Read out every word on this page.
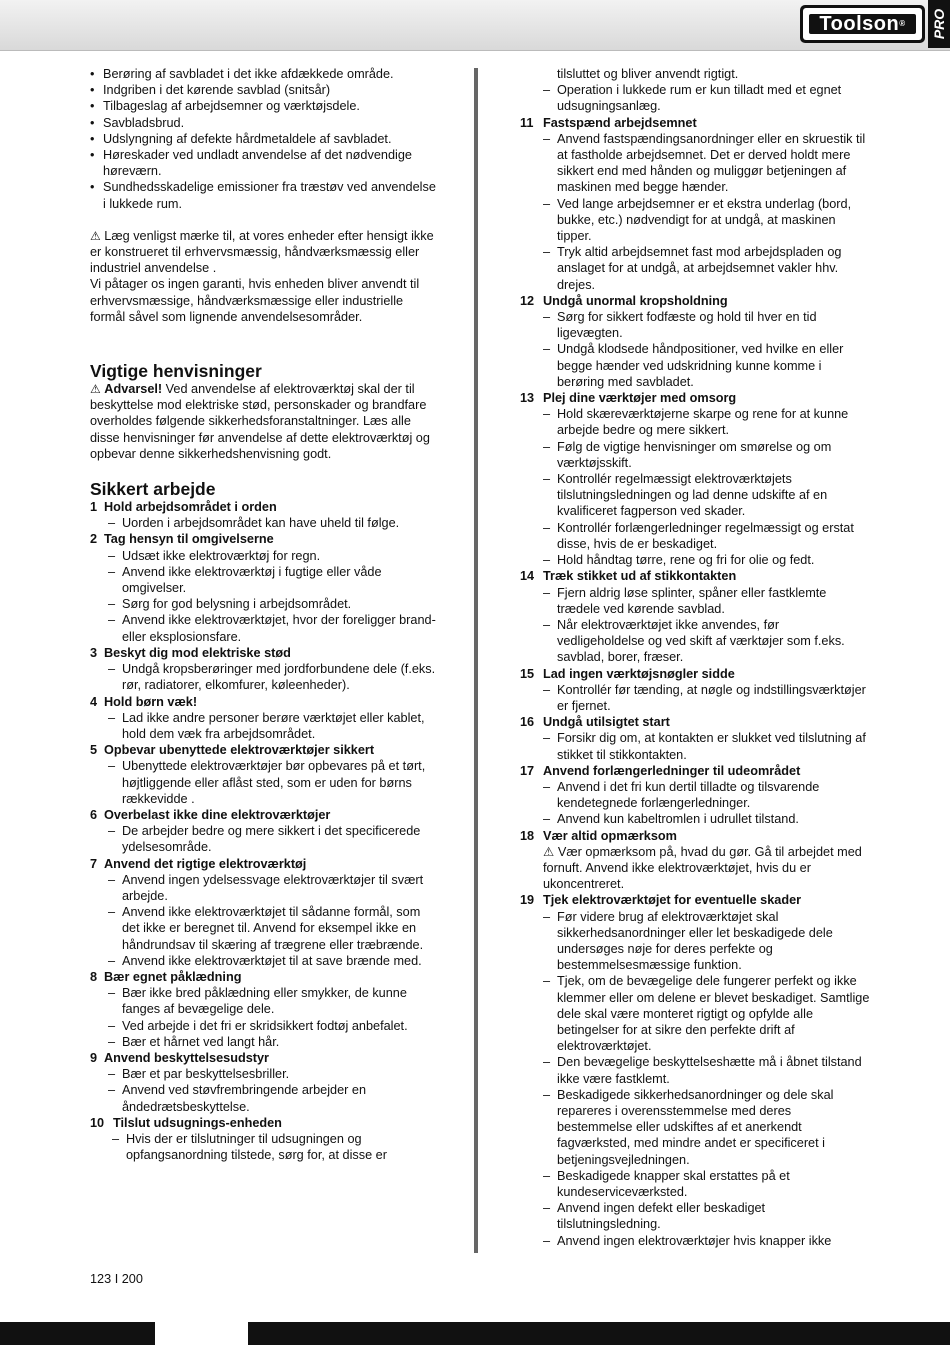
Toolson®	PRO
• Berøring af savbladet i det ikke afdækkede område.
• Indgriben i det kørende savblad (snitsår)
• Tilbageslag af arbejdsemner og værktøjsdele.
• Savbladsbrud.
• Udslyngning af defekte hårdmetaldele af savbladet.
• Høreskader ved undladt anvendelse af det nødvendige høreværn.
• Sundhedsskadelige emissioner fra træstøv ved anvendelse i lukkede rum.

⚠ Læg venligst mærke til, at vores enheder efter hensigt ikke er konstrueret til erhvervsmæssig, håndværksmæssig eller industriel anvendelse .

Vi påtager os ingen garanti, hvis enheden bliver anvendt til erhvervsmæssige, håndværksmæssige eller industrielle formål såvel som lignende anvendelsesområder.

Vigtige henvisninger

⚠ Advarsel! Ved anvendelse af elektroværktøj skal der til beskyttelse mod elektriske stød, personskader og brandfare overholdes følgende sikkerhedsforanstaltninger. Læs alle disse henvisninger før anvendelse af dette elektroværktøj og opbevar denne sikkerhedshenvisning godt.

Sikkert arbejde
1 Hold arbejdsområdet i orden
– Uorden i arbejdsområdet kan have uheld til følge.
2 Tag hensyn til omgivelserne
– Udsæt ikke elektroværktøj for regn.
– Anvend ikke elektroværktøj i fugtige eller våde omgivelser.
– Sørg for god belysning i arbejdsområdet.
– Anvend ikke elektroværktøjet, hvor der foreligger brand- eller eksplosionsfare.
3 Beskyt dig mod elektriske stød
– Undgå kropsberøringer med jordforbundene dele (f.eks. rør, radiatorer, elkomfurer, køleenheder).
4 Hold børn væk!
– Lad ikke andre personer berøre værktøjet eller kablet, hold dem væk fra arbejdsområdet.
5 Opbevar ubenyttede elektroværktøjer sikkert
– Ubenyttede elektroværktøjer bør opbevares på et tørt, højtliggende eller aflåst sted, som er uden for børns rækkevidde .
6 Overbelast ikke dine elektroværktøjer
– De arbejder bedre og mere sikkert i det specificerede ydelsesområde.
7 Anvend det rigtige elektroværktøj
– Anvend ingen ydelsessvage elektroværktøjer til svært arbejde.
– Anvend ikke elektroværktøjet til sådanne formål, som det ikke er beregnet til. Anvend for eksempel ikke en håndrundsav til skæring af trægrene eller træbrænde.
– Anvend ikke elektroværktøjet til at save brænde med.
8 Bær egnet påklædning
– Bær ikke bred påklædning eller smykker, de kunne fanges af bevægelige dele.
– Ved arbejde i det fri er skridsikkert fodtøj anbefalet.
– Bær et hårnet ved langt hår.
9 Anvend beskyttelsesudstyr
– Bær et par beskyttelsesbriller.
– Anvend ved støvfrembringende arbejder en åndedrætsbeskyttelse.
10 Tilslut udsugnings-enheden
– Hvis der er tilslutninger til udsugningen og opfangsanordning tilstede, sørg for, at disse er
tilsluttet og bliver anvendt rigtigt.
– Operation i lukkede rum er kun tilladt med et egnet udsugningsanlæg.
11 Fastspænd arbejdsemnet
– Anvend fastspændingsanordninger eller en skruestik til at fastholde arbejdsemnet. Det er derved holdt mere sikkert end med hånden og muliggør betjeningen af maskinen med begge hænder.
– Ved lange arbejdsemner er et ekstra underlag (bord, bukke, etc.) nødvendigt for at undgå, at maskinen tipper.
– Tryk altid arbejdsemnet fast mod arbejdspladen og anslaget for at undgå, at arbejdsemnet vakler hhv. drejes.
12 Undgå unormal kropsholdning
– Sørg for sikkert fodfæste og hold til hver en tid ligevægten.
– Undgå klodsede håndpositioner, ved hvilke en eller begge hænder ved udskridning kunne komme i berøring med savbladet.
13 Plej dine værktøjer med omsorg
– Hold skæreværktøjerne skarpe og rene for at kunne arbejde bedre og mere sikkert.
– Følg de vigtige henvisninger om smørelse og om værktøjsskift.
– Kontrollér regelmæssigt elektroværktøjets tilslutningsledningen og lad denne udskifte af en kvalificeret fagperson ved skader.
– Kontrollér forlængerledninger regelmæssigt og erstat disse, hvis de er beskadiget.
– Hold håndtag tørre, rene og fri for olie og fedt.
14 Træk stikket ud af stikkontakten
– Fjern aldrig løse splinter, spåner eller fastklemte trædele ved kørende savblad.
– Når elektroværktøjet ikke anvendes, før vedligeholdelse og ved skift af værktøjer som f.eks. savblad, borer, fræser.
15 Lad ingen værktøjsnøgler sidde
– Kontrollér før tænding, at nøgle og indstillingsværktøjer er fjernet.
16 Undgå utilsigtet start
– Forsikr dig om, at kontakten er slukket ved tilslutning af stikket til stikkontakten.
17 Anvend forlængerledninger til udeområdet
– Anvend i det fri kun dertil tilladte og tilsvarende kendetegnede forlængerledninger.
– Anvend kun kabeltromlen i udrullet tilstand.
18 Vær altid opmærksom
⚠ Vær opmærksom på, hvad du gør. Gå til arbejdet med fornuft. Anvend ikke elektroværktøjet, hvis du er ukoncentreret.
19 Tjek elektroværktøjet for eventuelle skader
– Før videre brug af elektroværktøjet skal sikkerhedsanordninger eller let beskadigede dele undersøges nøje for deres perfekte og bestemmelsesmæssige funktion.
– Tjek, om de bevægelige dele fungerer perfekt og ikke klemmer eller om delene er blevet beskadiget. Samtlige dele skal være monteret rigtigt og opfylde alle betingelser for at sikre den perfekte drift af elektroværktøjet.
– Den bevægelige beskyttelseshætte må i åbnet tilstand ikke være fastklemt.
– Beskadigede sikkerhedsanordninger og dele skal repareres i overensstemmelse med deres bestemmelse eller udskiftes af et anerkendt fagværksted, med mindre andet er specificeret i betjeningsvejledningen.
– Beskadigede knapper skal erstattes på et kundeserviceværksted.
– Anvend ingen defekt eller beskadiget tilslutningsledning.
– Anvend ingen elektroværktøjer hvis knapper ikke
123 I 200
